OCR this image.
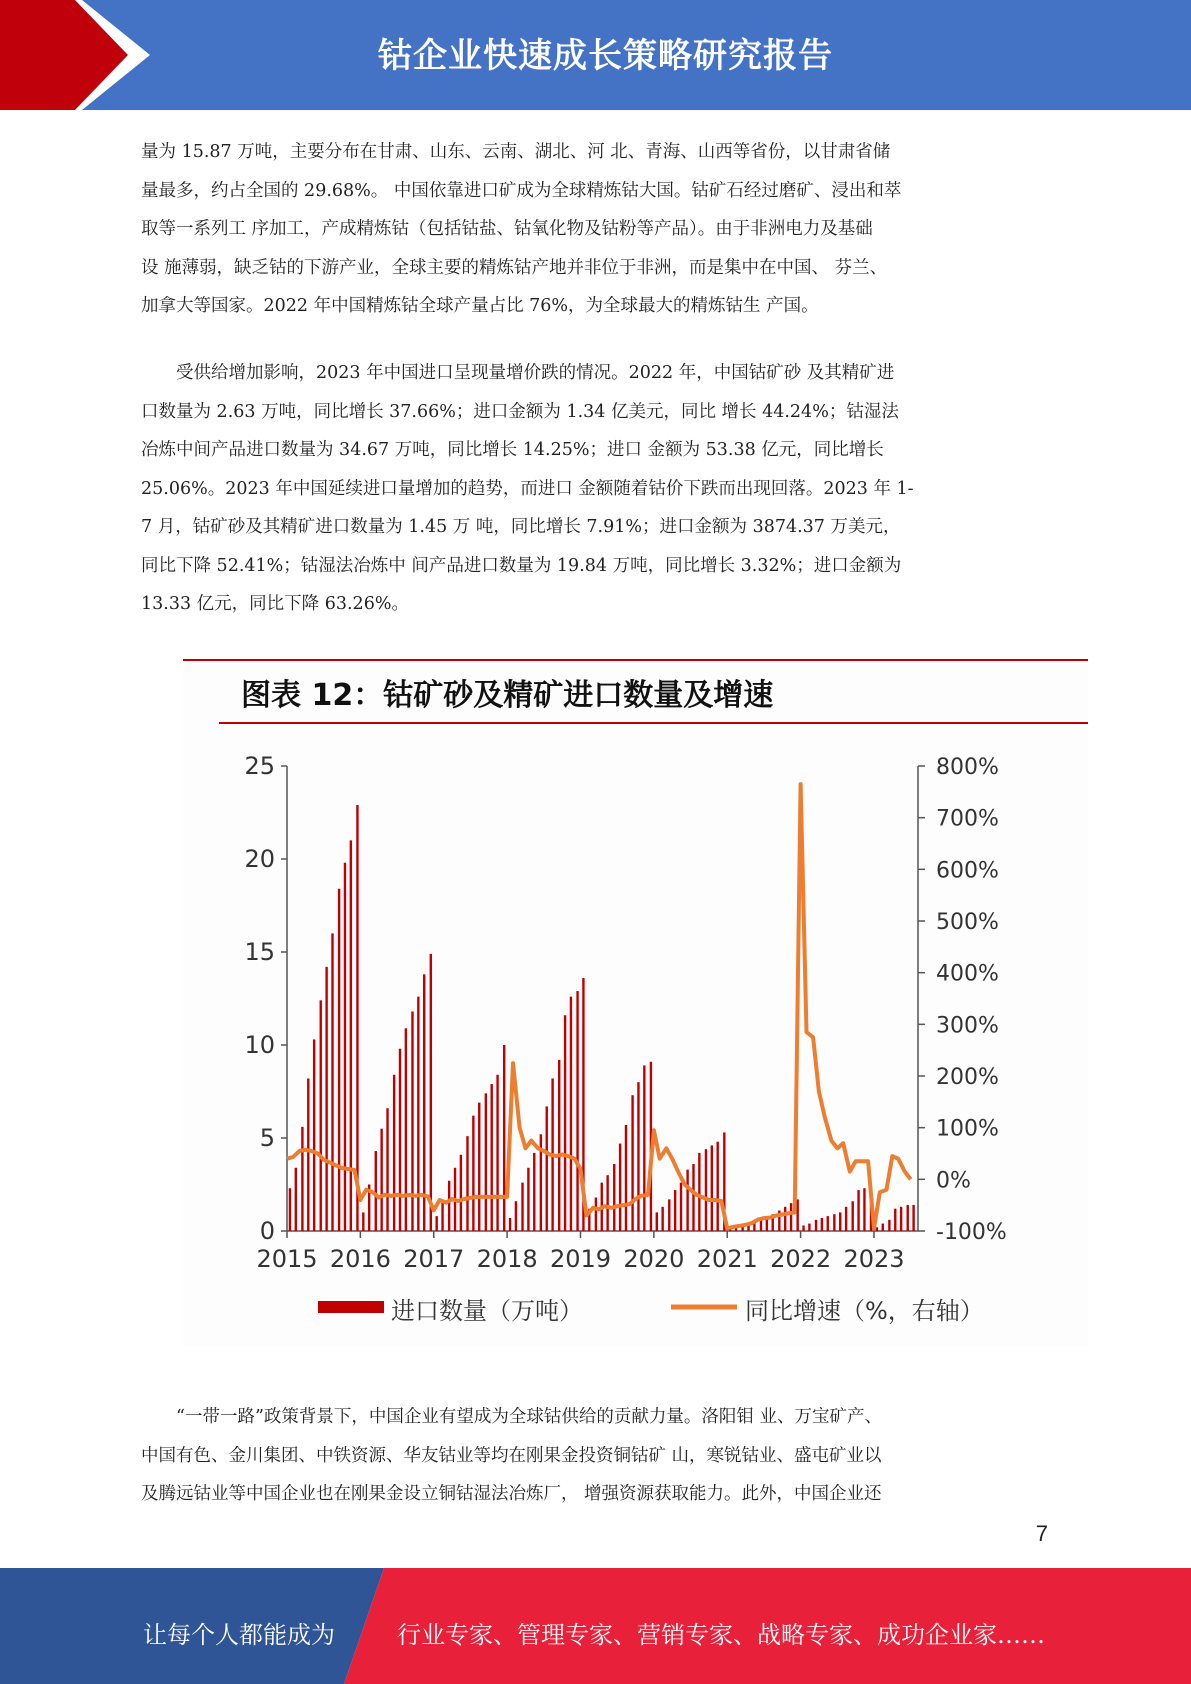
钴企业快速成长策略研究报告
量为 15.87 万吨，主要分布在甘肃、山东、云南、湖北、河 北、青海、山西等省份，以甘肃省储
量最多，约占全国的 29.68%。 中国依靠进口矿成为全球精炼钴大国。钴矿石经过磨矿、浸出和萃
取等一系列工 序加工，产成精炼钴（包括钴盐、钴氧化物及钴粉等产品）。由于非洲电力及基础
设 施薄弱，缺乏钴的下游产业，全球主要的精炼钴产地并非位于非洲，而是集中在中国、 芬兰、
加拿大等国家。2022 年中国精炼钴全球产量占比 76%，为全球最大的精炼钴生 产国。
　　受供给增加影响，2023 年中国进口呈现量增价跌的情况。2022 年，中国钴矿砂 及其精矿进
口数量为 2.63 万吨，同比增长 37.66%；进口金额为 1.34 亿美元，同比 增长 44.24%；钴湿法
冶炼中间产品进口数量为 34.67 万吨，同比增长 14.25%；进口 金额为 53.38 亿元，同比增长
25.06%。2023 年中国延续进口量增加的趋势，而进口 金额随着钴价下跌而出现回落。2023 年 1-
7 月，钴矿砂及其精矿进口数量为 1.45 万 吨，同比增长 7.91%；进口金额为 3874.37 万美元，
同比下降 52.41%；钴湿法冶炼中 间产品进口数量为 19.84 万吨，同比增长 3.32%；进口金额为
13.33 亿元，同比下降 63.26%。
图表 12：钴矿砂及精矿进口数量及增速
0
5
10
15
20
25
-100%
0%
100%
200%
300%
400%
500%
600%
700%
800%
2015 2016 2017 2018 2019 2020 2021 2022 2023
进口数量（万吨）	同比增速（%，右轴）
　　“一带一路”政策背景下，中国企业有望成为全球钴供给的贡献力量。洛阳钼 业、万宝矿产、
中国有色、金川集团、中铁资源、华友钴业等均在刚果金投资铜钴矿 山，寒锐钴业、盛屯矿业以
及腾远钴业等中国企业也在刚果金设立铜钴湿法冶炼厂， 增强资源获取能力。此外，中国企业还
7
让每个人都能成为	行业专家、管理专家、营销专家、战略专家、成功企业家……
